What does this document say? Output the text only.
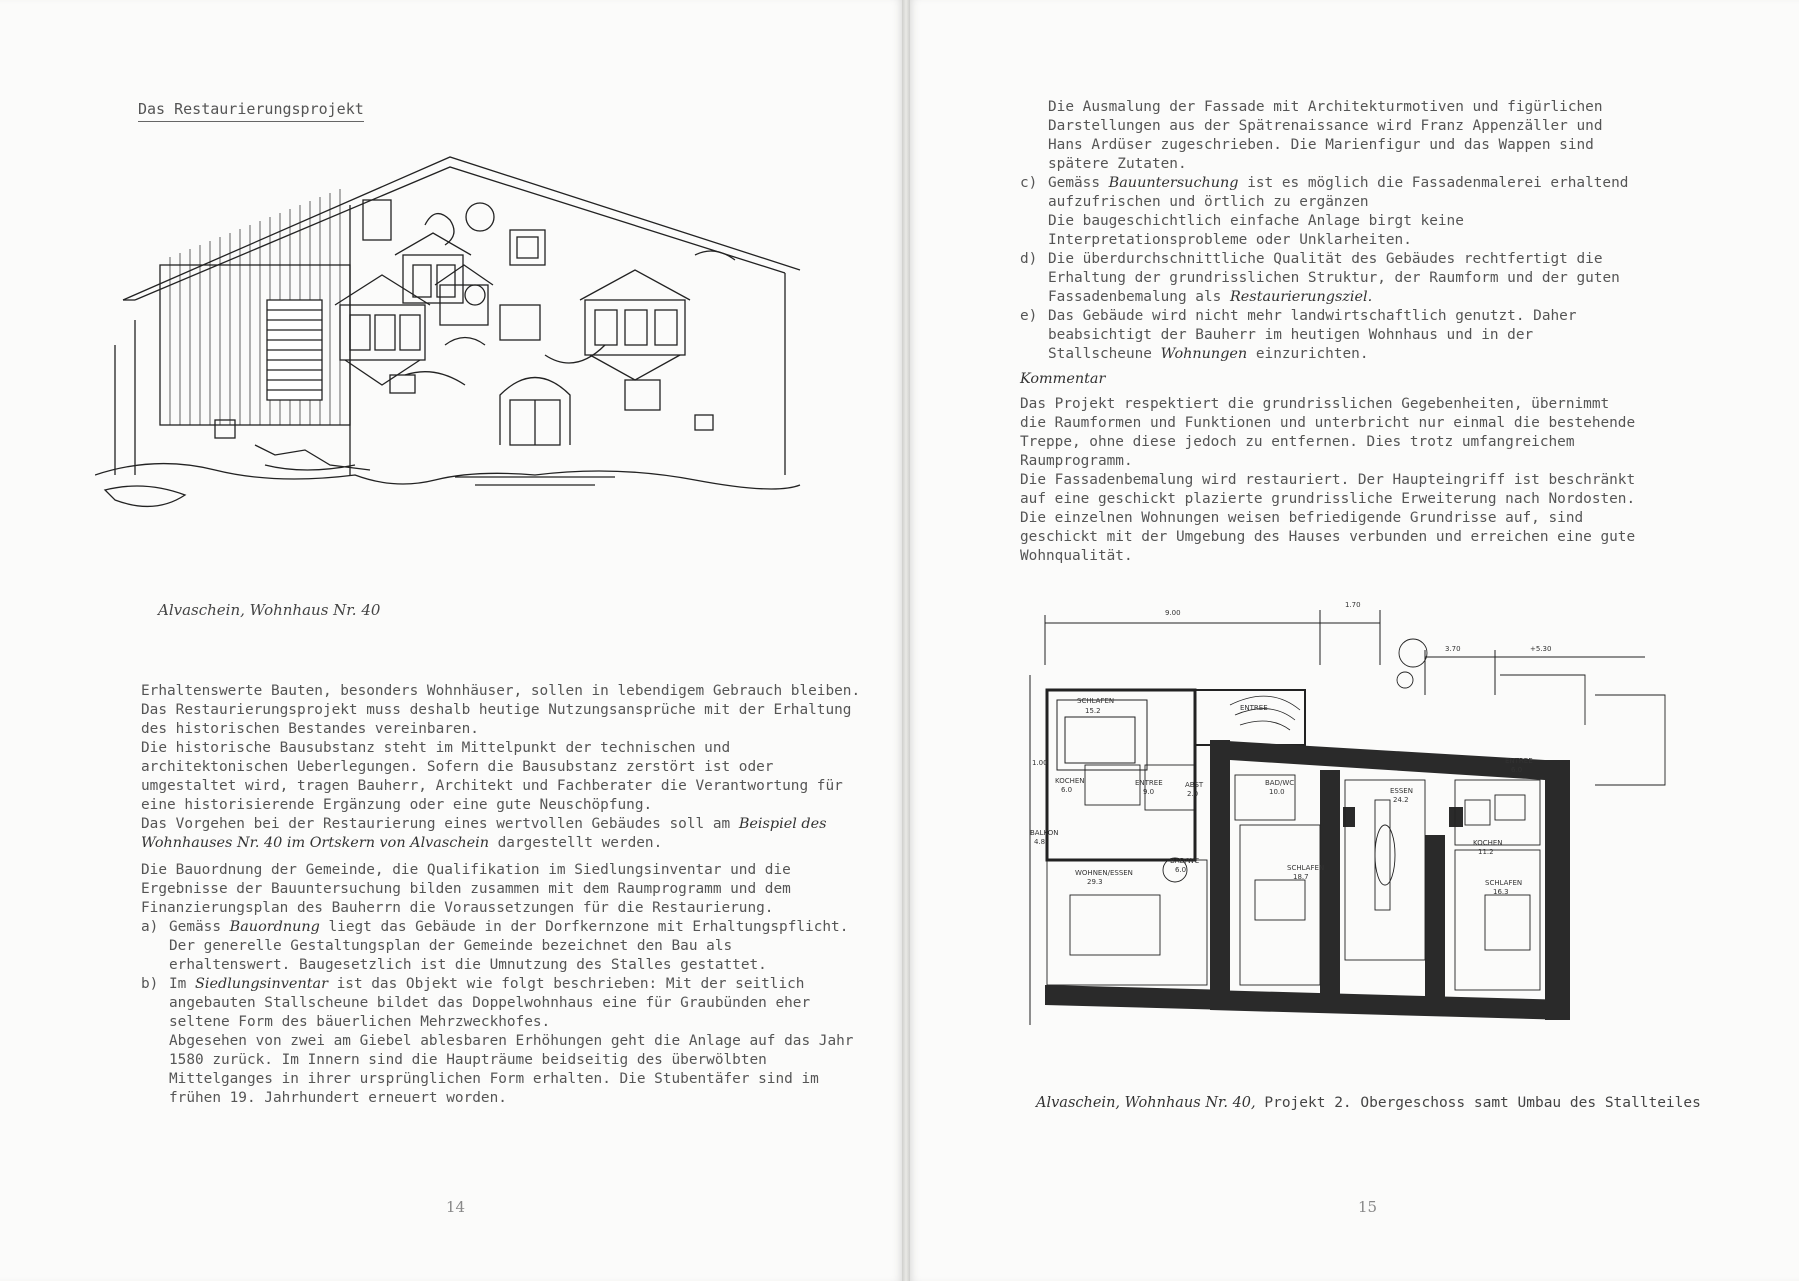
Das Restaurierungsprojekt
Alvaschein, Wohnhaus Nr. 40

Erhaltenswerte Bauten, besonders Wohnhäuser, sollen in lebendigem Gebrauch bleiben. Das Restaurierungsprojekt muss deshalb heutige Nutzungsansprüche mit der Erhaltung des historischen Bestandes vereinbaren.

Die historische Bausubstanz steht im Mittelpunkt der technischen und architektonischen Ueberlegungen. Sofern die Bausubstanz zerstört ist oder umgestaltet wird, tragen Bauherr, Architekt und Fachberater die Verantwortung für eine historisierende Ergänzung oder eine gute Neuschöpfung.

Das Vorgehen bei der Restaurierung eines wertvollen Gebäudes soll am Beispiel des Wohnhauses Nr. 40 im Ortskern von Alvaschein dargestellt werden.

Die Bauordnung der Gemeinde, die Qualifikation im Siedlungsinventar und die Ergebnisse der Bauuntersuchung bilden zusammen mit dem Raumprogramm und dem Finanzierungsplan des Bauherrn die Voraussetzungen für die Restaurierung.

a) Gemäss Bauordnung liegt das Gebäude in der Dorfkernzone mit Erhaltungspflicht. Der generelle Gestaltungsplan der Gemeinde bezeichnet den Bau als erhaltenswert. Baugesetzlich ist die Umnutzung des Stalles gestattet.
b) Im Siedlungsinventar ist das Objekt wie folgt beschrieben: Mit der seitlich angebauten Stallscheune bildet das Doppelwohnhaus eine für Graubünden eher seltene Form des bäuerlichen Mehrzweckhofes.

Abgesehen von zwei am Giebel ablesbaren Erhöhungen geht die Anlage auf das Jahr 1580 zurück. Im Innern sind die Haupträume beidseitig des überwölbten Mittelganges in ihrer ursprünglichen Form erhalten. Die Stubentäfer sind im frühen 19. Jahrhundert erneuert worden.

14

Die Ausmalung der Fassade mit Architekturmotiven und figürlichen Darstellungen aus der Spätrenaissance wird Franz Appenzäller und Hans Ardüser zugeschrieben. Die Marienfigur und das Wappen sind spätere Zutaten.

c) Gemäss Bauuntersuchung ist es möglich die Fassadenmalerei erhaltend aufzufrischen und örtlich zu ergänzen

Die baugeschichtlich einfache Anlage birgt keine Interpretationsprobleme oder Unklarheiten.

d) Die überdurchschnittliche Qualität des Gebäudes rechtfertigt die Erhaltung der grundrisslichen Struktur, der Raumform und der guten Fassadenbemalung als Restaurierungsziel.
e) Das Gebäude wird nicht mehr landwirtschaftlich genutzt. Daher beabsichtigt der Bauherr im heutigen Wohnhaus und in der Stallscheune Wohnungen einzurichten.

Kommentar

Das Projekt respektiert die grundrisslichen Gegebenheiten, übernimmt die Raumformen und Funktionen und unterbricht nur einmal die bestehende Treppe, ohne diese jedoch zu entfernen. Dies trotz umfangreichem Raumprogramm.

Die Fassadenbemalung wird restauriert. Der Haupteingriff ist beschränkt auf eine geschickt plazierte grundrissliche Erweiterung nach Nordosten.

Die einzelnen Wohnungen weisen befriedigende Grundrisse auf, sind geschickt mit der Umgebung des Hauses verbunden und erreichen eine gute Wohnqualität.

9.00
1.70
3.70	+5.30
SCHLAFEN
15.2	ENTREE
KOCHEN
6.0
ENTREE
9.0
ABST
2.0
BAD/WC
10.0	ESSEN
24.2
ENTREE
6.0
KOCHEN
11.2
BALKON
4.8
WOHNEN/ESSEN
29.3
BAD/WC
6.0	SCHLAFEN
18.7
SCHLAFEN
16.3
1.00
Alvaschein, Wohnhaus Nr. 40, Projekt 2. Obergeschoss samt Umbau des Stallteiles
15
